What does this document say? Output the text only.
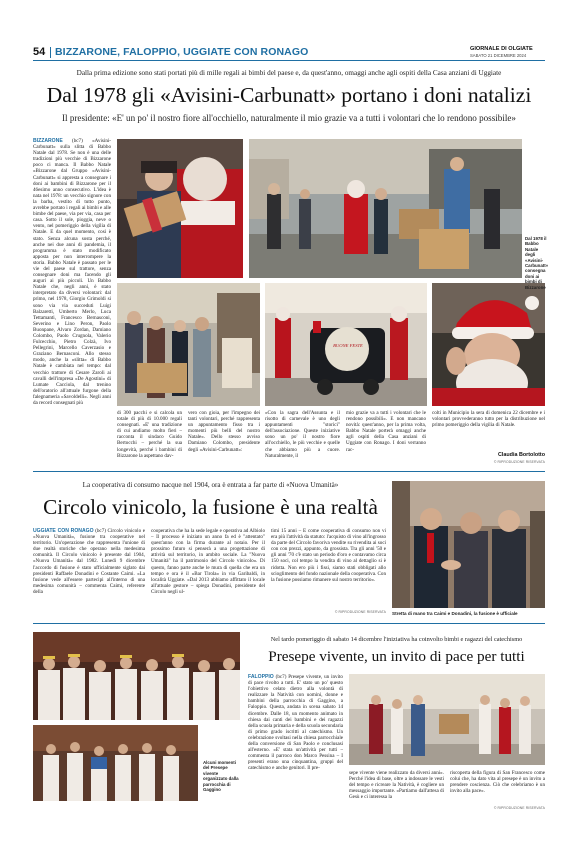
54 BIZZARONE, FALOPPIO, UGGIATE CON RONAGO	GIORNALE DI OLGIATE
SABATO 21 DICEMBRE 2024
Dalla prima edizione sono stati portati più di mille regali ai bimbi del paese e, da quest'anno, omaggi anche agli ospiti della Casa anziani di Uggiate
Dal 1978 gli «Avisini-Carbunatt» portano i doni natalizi
Il presidente: «E' un po' il nostro fiore all'occhiello, naturalmente il mio grazie va a tutti i volontari che lo rendono possibile»
BIZZARONE (bc7) «Avisini-Carbunatt» sulla slitta di Babbo Natale dal 1978. Se non è una delle tradizioni più vecchie di Bizzarone poco ci manca. Il Babbo Natale «Bizzarone dal Gruppo «Avisini-Carbunatt» si appresta a consegnare i doni ai bambini di Bizzarone per il 46esimo anno consecutivo. L'idea è nata nel 1978: un vecchio signore con la barba, vestito di tutto punto, avrebbe portato i regali ai bimbi e alle bimbe del paese, via per via, casa per casa. Sotto il sole, pioggia, neve o vento, nel pomeriggio della vigilia di Natale. E da quel momento, così è stato. Senza alcuna sosta perché, anche nei due anni di pandemia, il programma è stato modificato apposta per non interrompere la storia. Babbo Natale è passato per le vie del paese sul trattore, senza consegnare doni ma facendo gli auguri ai più piccoli. Un Babbo Natale che, negli anni, è stato interpretato da diversi volontari: dal primo, nel 1978, Giorgio Grimoldi si sono via via succeduti Luigi Balzaretti, Umberto Merlo, Luca Tettamanti, Francesco Bernasconi, Severino e Lino Peron, Paolo Buonpane, Alvaro Zordan, Damiano Colombo, Paolo Crugnola, Valerio Fulcecchio, Pietro Colzà, Ivo Pellegrini, Marcello Caverzasio e Graziano Bernasconi. Allo stesso modo, anche la «slitta» di Babbo Natale è cambiata nel tempo: dal vecchio trattore di Cesare Zaroli ai cavalli dell'impresa «De Agostini» di Lumate Cacciola, dal trenino dell'oratorio all'attuale furgone della falegnameria «Savoldelli». Negli anni da record consegnati più
BUONE FESTE
Dal 1978 il Babbo Natale degli «Avisini-Carbunatt» consegna doni ai bimbi di Bizzarone
di 300 pacchi e si calcola un totale di più di 10.000 regali consegnati. «E' una tradizione di cui andiamo molto fieri – racconta il sindaco Guido Bertocchi – perché la sua longevità, perché i bambini di Bizzarone la aspettano dav-
vero con gioia, per l'impegno dei tanti volontari, perché rappresenta un appuntamento fisso tra i momenti più belli del nostro Natale». Dello stesso avviso Damiano Colombo, presidente degli «Avisini-Carbunatt»:
«Con la sagra dell'Assunta e il risotto di carnevale è uno degli appuntamenti "storici" dell'associazione. Queste iniziative sono un po' il nostro fiore all'occhiello, le più vecchie e quelle che abbiamo più a cuore. Naturalmente, il
mio grazie va a tutti i volontari che le rendono possibili». E non mancano novità: quest'anno, per la prima volta, Babbo Natale porterà omaggi anche agli ospiti della Casa anziani di Uggiate con Ronago. I doni verranno rac-
colti in Municipio la sera di domenica 22 dicembre e i volontari provvederanno tutto per la distribuzione nel primo pomeriggio della vigilia di Natale.
Claudia Bortolotto
© RIPRODUZIONE RISERVATA
La cooperativa di consumo nacque nel 1904, ora è entrata a far parte di «Nuova Umanità»
Circolo vinicolo, la fusione è una realtà
UGGIATE CON RONAGO (bc7) Circolo vinicolo e «Nuova Umanità», fusione tra cooperative nel territorio. Un'operazione che rappresenta l'unione di due realtà storiche che operano nella medesima comunità. Il Circolo vinicolo è presente dal 1904, «Nuova Umanità» dal 1982. Lunedì 9 dicembre l'accordo di fusione è stato ufficialmente siglato dai presidenti Raffaele Donadini e Costante Caimi. «La fusione vede all'essere partecipi all'interno di una medesima comunità – commenta Caimi, referente della
cooperativa che ha la sede legale e operativa ad Albiolo – Il processo è iniziato un anno fa ed è "attentato" quest'anno con la firma durante al notaio. Per il prossimo futuro si penserà a una progettazione di attività sul territorio, in ambito sociale. La "Nuova Umanità" ha il patrimonio del Circolo vinicolo». Di questo, fanno parte anche le mura di quella che era un tempo e ora è il «Bar Tirola» in via Garibaldi, in località Uggiate. «Dal 2013 abbiamo affittato il locale all'attuale gestore – spiega Donadini, presidente del Circolo negli ul-
timi 15 anni – E come cooperativa di consumo non vi era più l'attività da statuto: l'acquisto di vino all'ingrosso da parte del Circolo favoriva vendite su rivendita ai soci con con prezzi, appunto, da grossista. Tra gli anni '50 e gli anni '70 c'è stato un periodo d'oro e contavamo circa 150 soci, col tempo la vendita di vino al dettaglio si è ridotta. Non ero più i fissi, siamo stati obbligati allo scioglimento del fondo nazionale della cooperativa. Con la fusione possiamo rimanere sul nostro territorio».
© RIPRODUZIONE RISERVATA Stretta di mano tra Caimi e Donadini, la fusione è ufficiale
Alcuni momenti del Presepe vivente organizzato dalla parrocchia di Gaggino
Nel tardo pomeriggio di sabato 14 dicembre l'iniziativa ha coinvolto bimbi e ragazzi del catechismo
Presepe vivente, un invito di pace per tutti
FALOPPIO (bc7) Presepe vivente, un invito di pace rivolto a tutti. E' stato un po' questo l'obiettivo celato dietro alla volontà di realizzare la Natività con uomini, donne e bambini della parrocchia di Gaggino, a Faloppio. Questa, andata in scena sabato 14 dicembre. Dalle 18, un momento animato in chiesa dai canti dei bambini e dei ragazzi della scuola primaria e della scuola secondaria di primo grado iscritti al catechismo. Un celebrazione svoltasi nella chiesa parrocchiale della conversione di San Paolo e conclusasi all'esterno. «E' stata un'attività per tutti – commenta il parroco don Marco Pessina – I presenti erano una cinquantina, gruppi del catechismo e anche genitori. Il pre-
sepe vivente viene realizzato da diversi anni». Perché l'idea di base, oltre a indossare le vesti del tempo e ricreare la Natività, è cogliere un messaggio importante. «Partiamo dall'attesa di Gesù e ci interessa la
riscoperta della figura di San Francesco come colui che, ha dato vita al presepe è un invito a prendere coscienza. Ciò che celebriamo è un invito alla pace».
© RIPRODUZIONE RISERVATA
